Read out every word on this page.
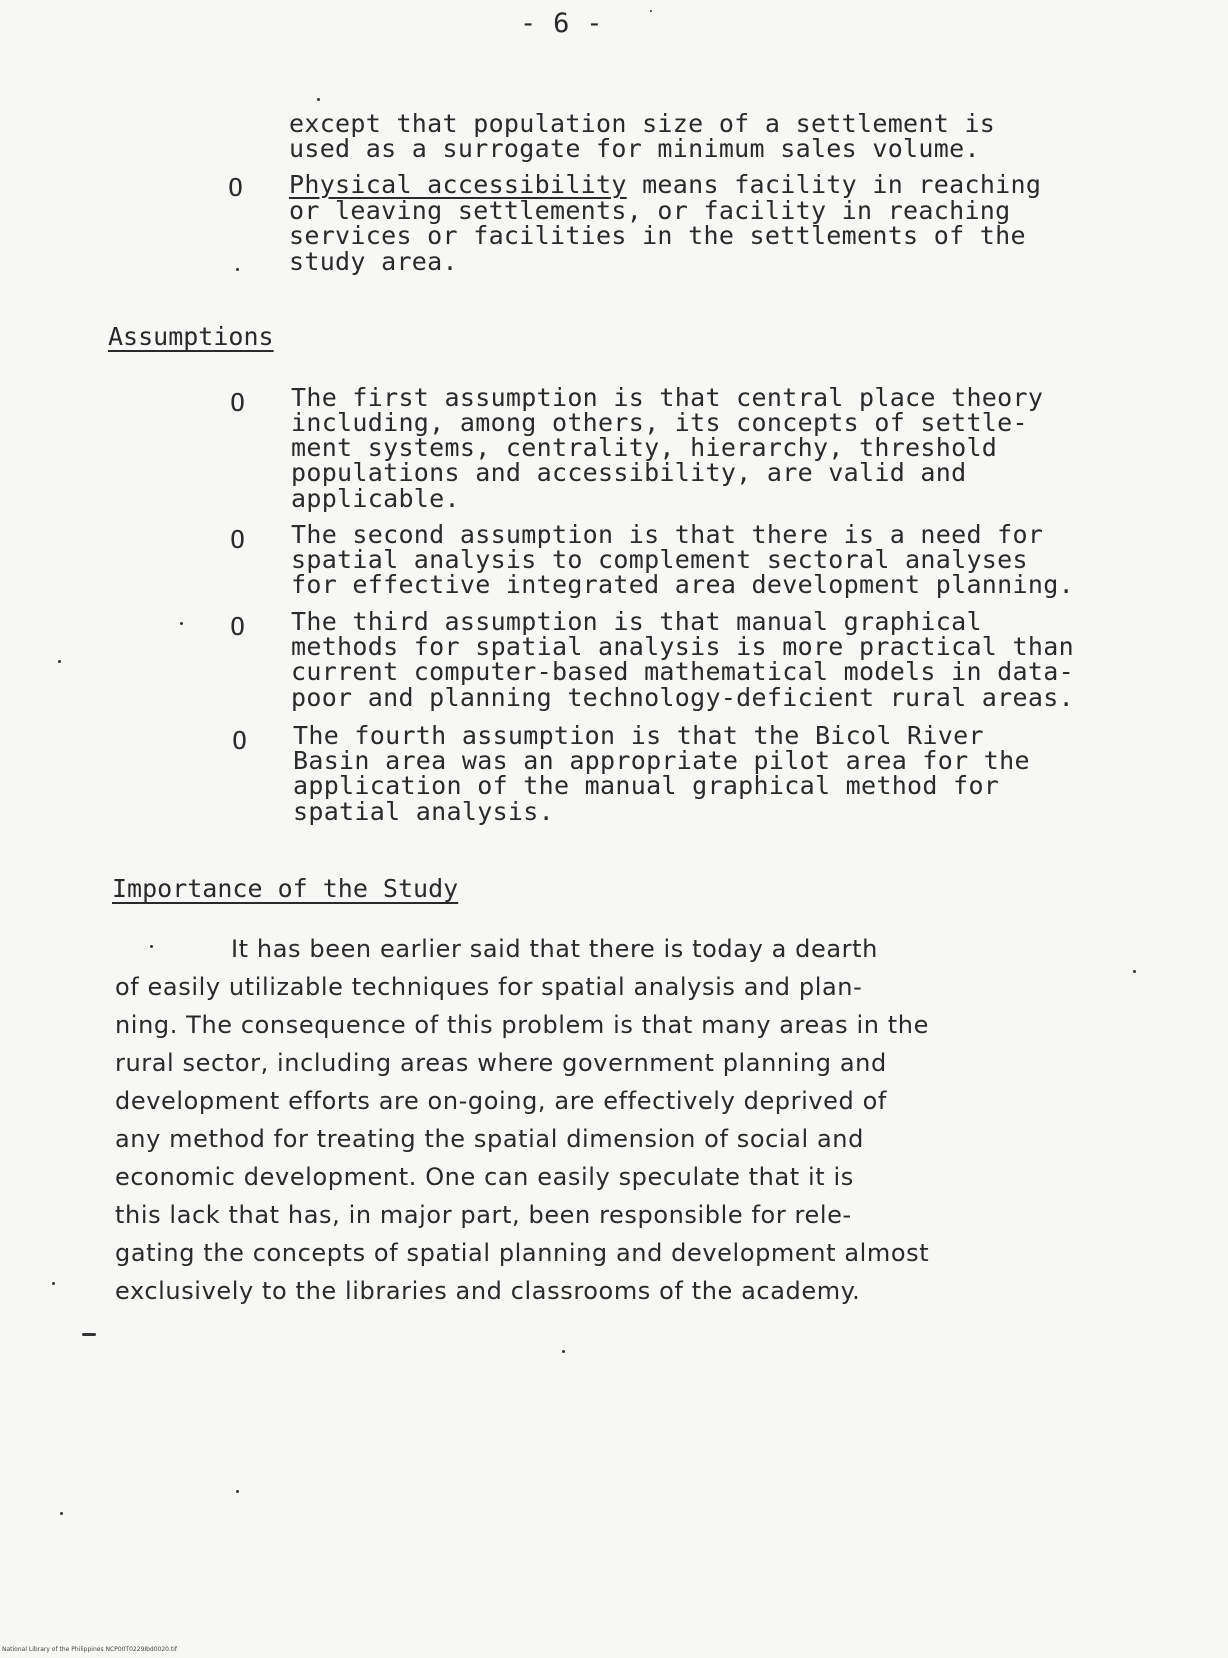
- 6 -
except that population size of a settlement is
used as a surrogate for minimum sales volume.
O Physical accessibility means facility in reaching
or leaving settlements, or facility in reaching
services or facilities in the settlements of the
study area.
Assumptions
O The first assumption is that central place theory
including, among others, its concepts of settle-
ment systems, centrality, hierarchy, threshold
populations and accessibility, are valid and
applicable.
O The second assumption is that there is a need for
spatial analysis to complement sectoral analyses
for effective integrated area development planning.
O The third assumption is that manual graphical
methods for spatial analysis is more practical than
current computer-based mathematical models in data-
poor and planning technology-deficient rural areas.
O The fourth assumption is that the Bicol River
Basin area was an appropriate pilot area for the
application of the manual graphical method for
spatial analysis.
Importance of the Study
It has been earlier said that there is today a dearth
of easily utilizable techniques for spatial analysis and plan-
ning. The consequence of this problem is that many areas in the
rural sector, including areas where government planning and
development efforts are on-going, are effectively deprived of
any method for treating the spatial dimension of social and
economic development. One can easily speculate that it is
this lack that has, in major part, been responsible for rele-
gating the concepts of spatial planning and development almost
exclusively to the libraries and classrooms of the academy.
National Library of the Philippines NCP00T0229Ibd0020.tif
